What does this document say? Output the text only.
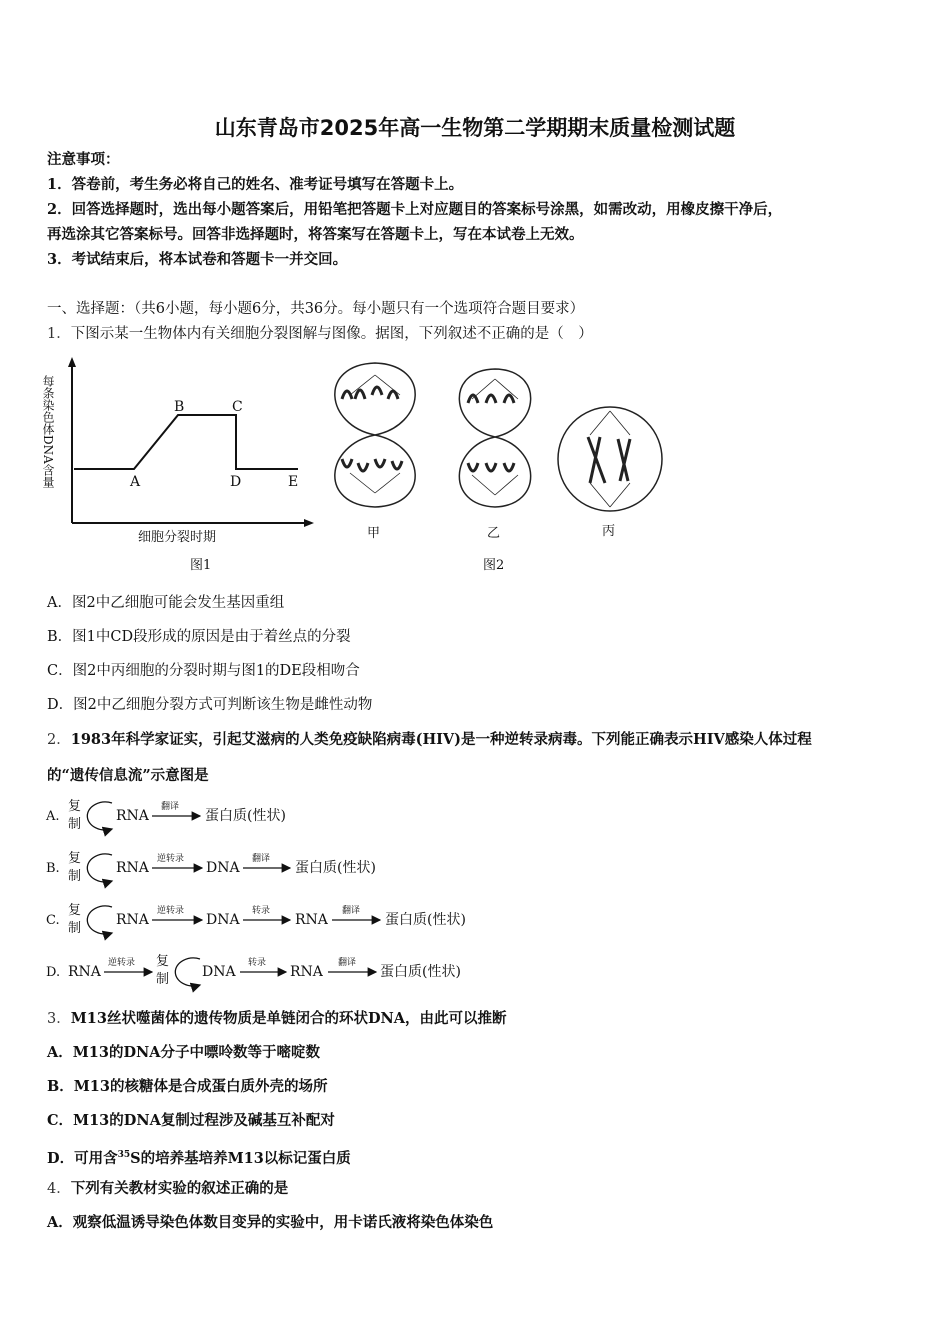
山东青岛市2025年高一生物第二学期期末质量检测试题
注意事项：
1．答卷前，考生务必将自己的姓名、准考证号填写在答题卡上。
2．回答选择题时，选出每小题答案后，用铅笔把答题卡上对应题目的答案标号涂黑，如需改动，用橡皮擦干净后，
再选涂其它答案标号。回答非选择题时，将答案写在答题卡上，写在本试卷上无效。
3．考试结束后，将本试卷和答题卡一并交回。
一、选择题：（共6小题，每小题6分，共36分。每小题只有一个选项符合题目要求）
1．下图示某一生物体内有关细胞分裂图解与图像。据图，下列叙述不正确的是（　）
每条染色体DNA含量
细胞分裂时期
A
B	C
D	E
图1
甲	乙	丙
图2
A．图2中乙细胞可能会发生基因重组
B．图1中CD段形成的原因是由于着丝点的分裂
C．图2中丙细胞的分裂时期与图1的DE段相吻合
D．图2中乙细胞分裂方式可判断该生物是雌性动物
2．1983年科学家证实，引起艾滋病的人类免疫缺陷病毒(HIV)是一种逆转录病毒。下列能正确表示HIV感染人体过程
的“遗传信息流”示意图是
A.
复
制
RNA
翻译
蛋白质(性状)
B.
复
制
RNA
逆转录
DNA
翻译
蛋白质(性状)
C.
复
制
RNA
逆转录
DNA
转录
RNA
翻译
蛋白质(性状)
D. RNA
逆转录 复
制 DNA
转录
RNA
翻译
蛋白质(性状)
3．M13丝状噬菌体的遗传物质是单链闭合的环状DNA，由此可以推断
A．M13的DNA分子中嘌呤数等于嘧啶数
B．M13的核糖体是合成蛋白质外壳的场所
C．M13的DNA复制过程涉及碱基互补配对
D．可用含$^{35}$S的培养基培养M13以标记蛋白质
4．下列有关教材实验的叙述正确的是
A．观察低温诱导染色体数目变异的实验中，用卡诺氏液将染色体染色
